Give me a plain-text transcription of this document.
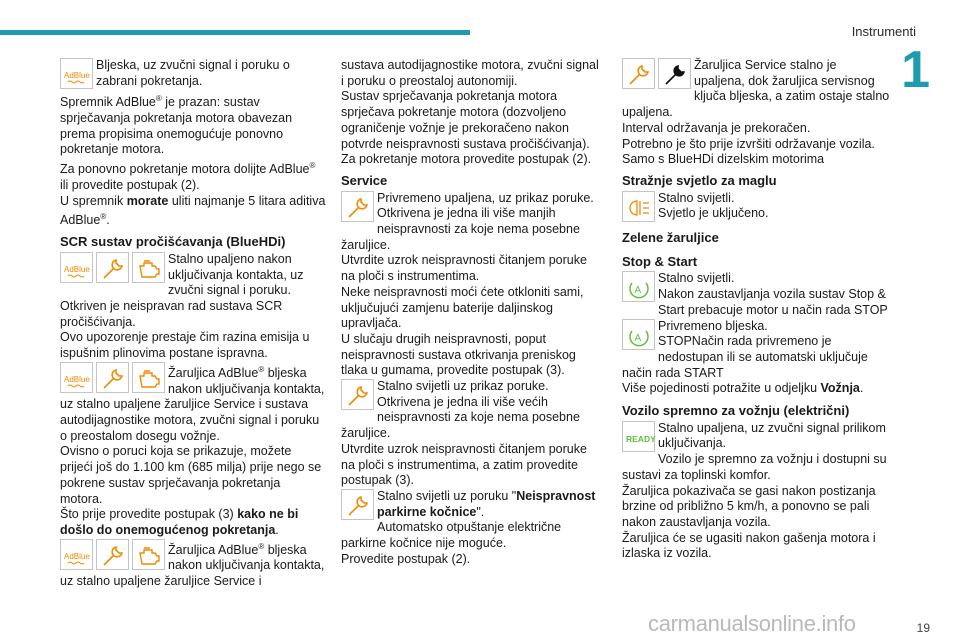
Instrumenti
1
AdBlue

Bljeska, uz zvučni signal i poruku o zabrani pokretanja.

Spremnik AdBlue® je prazan: sustav sprječavanja pokretanja motora obavezan prema propisima onemogućuje ponovno pokretanje motora.

Za ponovno pokretanje motora dolijte AdBlue® ili provedite postupak (2).

U spremnik morate uliti najmanje 5 litara aditiva AdBlue®.

SCR sustav pročišćavanja (BlueHDi)

AdBlue

Stalno upaljeno nakon uključivanja kontakta, uz zvučni signal i poruku.

Otkriven je neispravan rad sustava SCR pročišćivanja.

Ovo upozorenje prestaje čim razina emisija u ispušnim plinovima postane ispravna.

AdBlue	Žaruljica AdBlue® bljeska nakon uključivanja kontakta, uz stalno upaljene žaruljice Service i sustava autodijagnostike motora, zvučni signal i poruku o preostalom dosegu vožnje.

Ovisno o poruci koja se prikazuje, možete prijeći još do 1.100 km (685 milja) prije nego se pokrene sustav sprječavanja pokretanja motora.

Što prije provedite postupak (3) kako ne bi došlo do onemogućenog pokretanja.

AdBlue	Žaruljica AdBlue® bljeska nakon uključivanja kontakta, uz stalno upaljene žaruljice Service i

sustava autodijagnostike motora, zvučni signal i poruku o preostaloj autonomiji.

Sustav sprječavanja pokretanja motora sprječava pokretanje motora (dozvoljeno ograničenje vožnje je prekoračeno nakon potvrde neispravnosti sustava pročišćivanja).

Za pokretanje motora provedite postupak (2).

Service

Privremeno upaljena, uz prikaz poruke.

Otkrivena je jedna ili više manjih neispravnosti za koje nema posebne žaruljice.

Utvrdite uzrok neispravnosti čitanjem poruke na ploči s instrumentima.

Neke neispravnosti moći ćete otkloniti sami, uključujući zamjenu baterije daljinskog upravljača.

U slučaju drugih neispravnosti, poput neispravnosti sustava otkrivanja preniskog tlaka u gumama, provedite postupak (3).

Stalno svijetli uz prikaz poruke.

Otkrivena je jedna ili više većih neispravnosti za koje nema posebne žaruljice.

Utvrdite uzrok neispravnosti čitanjem poruke na ploči s instrumentima, a zatim provedite postupak (3).

Stalno svijetli uz poruku "Neispravnost parkirne kočnice".

Automatsko otpuštanje električne parkirne kočnice nije moguće.

Provedite postupak (2).

Žaruljica Service stalno je upaljena, dok žaruljica servisnog ključa bljeska, a zatim ostaje stalno upaljena.

Interval održavanja je prekoračen.

Potrebno je što prije izvršiti održavanje vozila.

Samo s BlueHDi dizelskim motorima

Stražnje svjetlo za maglu

Stalno svijetli.

Svjetlo je uključeno.

Zelene žaruljice

Stop & Start

A

Stalno svijetli.

Nakon zaustavljanja vozila sustav Stop & Start prebacuje motor u način rada STOP

A

Privremeno bljeska.

STOPNačin rada privremeno je nedostupan ili se automatski uključuje način rada START

Više pojedinosti potražite u odjeljku Vožnja.

Vozilo spremno za vožnju (električni)

READY

Stalno upaljena, uz zvučni signal prilikom uključivanja.

Vozilo je spremno za vožnju i dostupni su sustavi za toplinski komfor.

Žaruljica pokazivača se gasi nakon postizanja brzine od približno 5 km/h, a ponovno se pali nakon zaustavljanja vozila.

Žaruljica će se ugasiti nakon gašenja motora i izlaska iz vozila.

carmanualsonline.info	19
